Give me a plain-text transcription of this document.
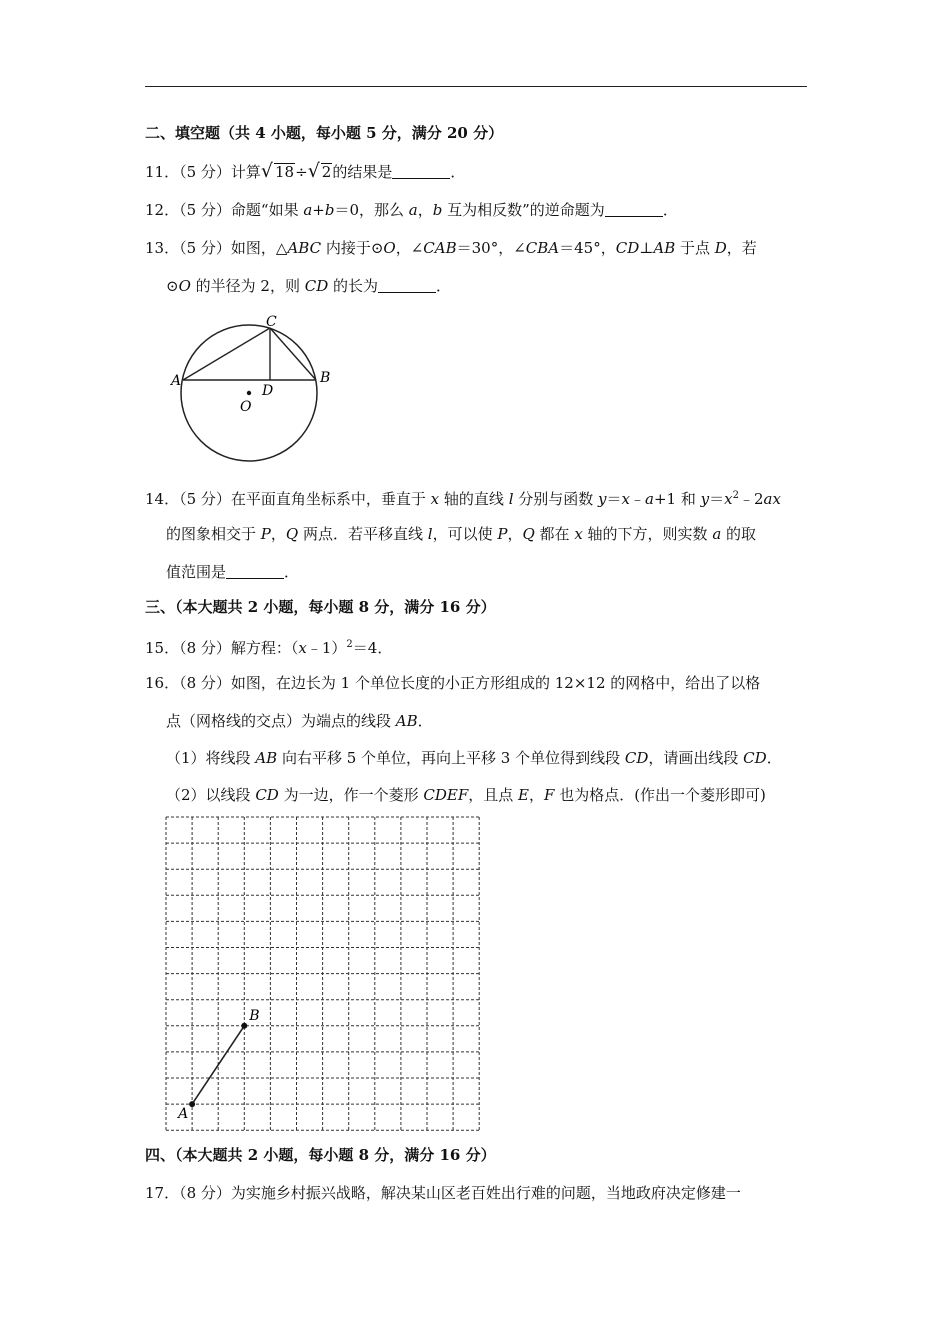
二、填空题（共 4 小题，每小题 5 分，满分 20 分）
11．（5 分）计算√ 18÷√ 2的结果是	．
12．（5 分）命题“如果 a+b＝0，那么 a，b 互为相反数”的逆命题为	．
13．（5 分）如图，△ABC 内接于⊙O，∠CAB＝30°，∠CBA＝45°，CD⊥AB 于点 D，若
⊙O 的半径为 2，则 CD 的长为	．
A	B
C
D
O
14．（5 分）在平面直角坐标系中，垂直于 x 轴的直线 l 分别与函数 y＝x﹣a+1 和 $y=x^2﹣2ax$
的图象相交于 P，Q 两点．若平移直线 l，可以使 P，Q 都在 x 轴的下方，则实数 a 的取
值范围是	．
三、（本大题共 2 小题，每小题 8 分，满分 16 分）
15．（8 分）解方程：（x﹣1）$^2$＝4．
16．（8 分）如图，在边长为 1 个单位长度的小正方形组成的 12×12 的网格中，给出了以格
点（网格线的交点）为端点的线段 AB．
（1）将线段 AB 向右平移 5 个单位，再向上平移 3 个单位得到线段 CD，请画出线段 CD．
（2）以线段 CD 为一边，作一个菱形 CDEF，且点 E，F 也为格点．(作出一个菱形即可)
A
B
四、（本大题共 2 小题，每小题 8 分，满分 16 分）
17．（8 分）为实施乡村振兴战略，解决某山区老百姓出行难的问题，当地政府决定修建一
